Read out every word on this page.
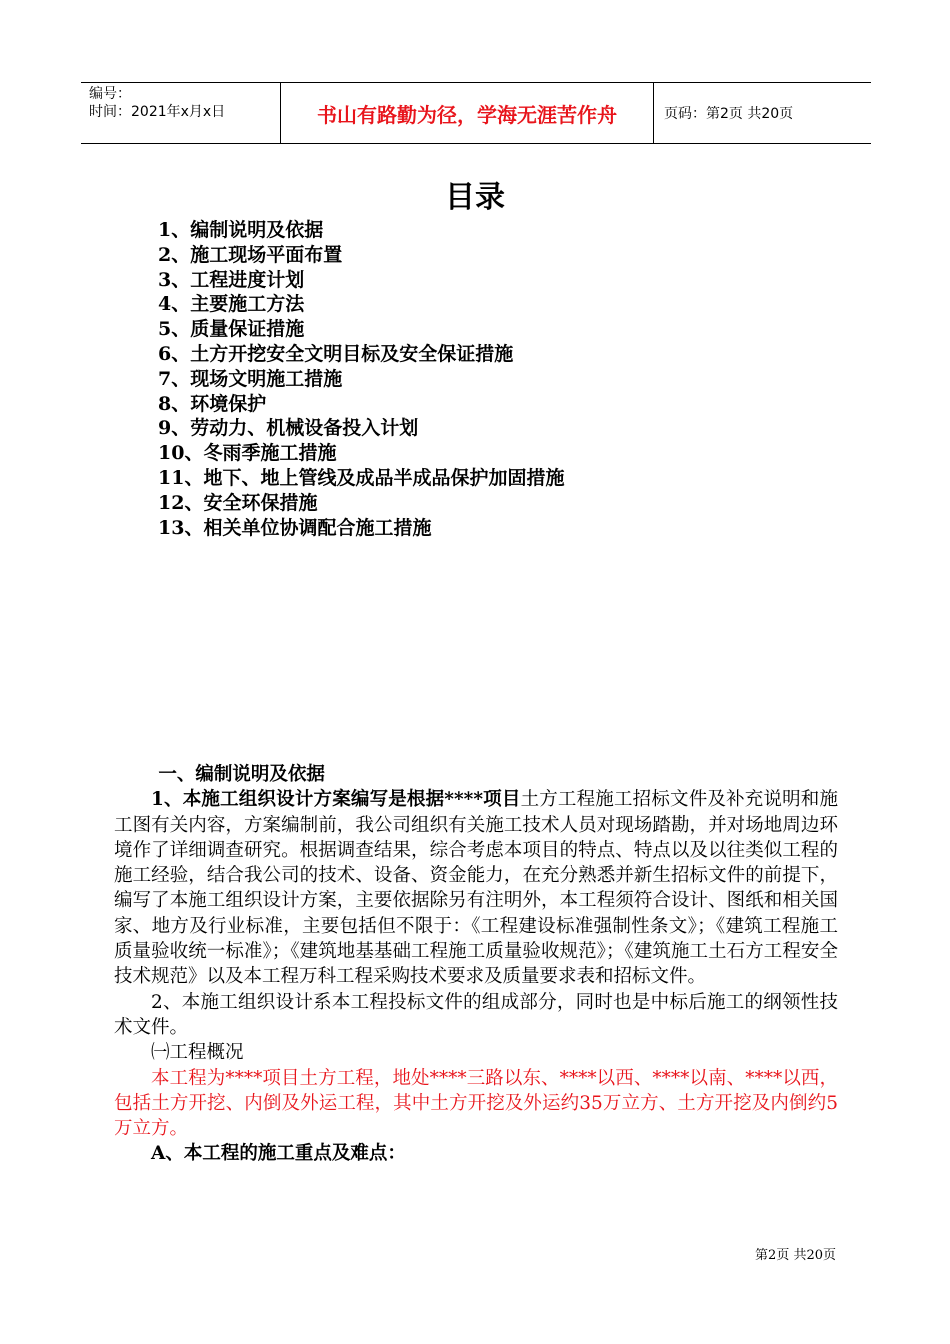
编号：
时间：2021年x月x日	书山有路勤为径，学海无涯苦作舟	页码：第2页 共20页
目录
1、编制说明及依据
2、施工现场平面布置
3、工程进度计划
4、主要施工方法
5、质量保证措施
6、土方开挖安全文明目标及安全保证措施
7、现场文明施工措施
8、环境保护
9、劳动力、机械设备投入计划
10、冬雨季施工措施
11、地下、地上管线及成品半成品保护加固措施
12、安全环保措施
13、相关单位协调配合施工措施

一、编制说明及依据

1、本施工组织设计方案编写是根据****项目土方工程施工招标文件及补充说明和施工图有关内容，方案编制前，我公司组织有关施工技术人员对现场踏勘，并对场地周边环境作了详细调查研究。根据调查结果，综合考虑本项目的特点、特点以及以往类似工程的施工经验，结合我公司的技术、设备、资金能力，在充分熟悉并新生招标文件的前提下，编写了本施工组织设计方案，主要依据除另有注明外，本工程须符合设计、图纸和相关国家、地方及行业标准，主要包括但不限于：《工程建设标准强制性条文》；《建筑工程施工质量验收统一标准》；《建筑地基基础工程施工质量验收规范》；《建筑施工土石方工程安全技术规范》以及本工程万科工程采购技术要求及质量要求表和招标文件。

2、本施工组织设计系本工程投标文件的组成部分，同时也是中标后施工的纲领性技术文件。

㈠工程概况

本工程为****项目土方工程，地处****三路以东、****以西、****以南、****以西，包括土方开挖、内倒及外运工程，其中土方开挖及外运约35万立方、土方开挖及内倒约5万立方。

A、本工程的施工重点及难点：

第2页 共20页
